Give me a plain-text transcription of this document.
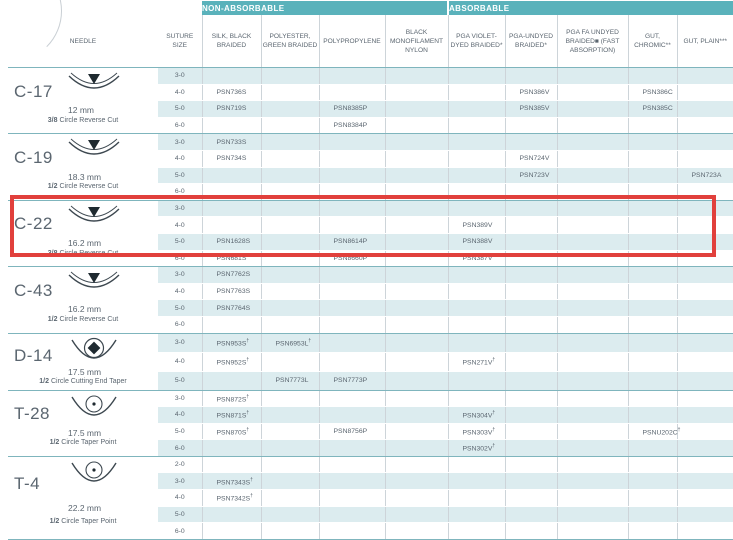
		NON-ABSORBABLE				ABSORBABLE				
NEEDLE	SUTURE SIZE	SILK, BLACK BRAIDED	POLYESTER, GREEN BRAIDED	POLYPROPYLENE	BLACK MONOFILAMENT NYLON	PGA VIOLET-DYED BRAIDED*	PGA-UNDYED BRAIDED*	PGA FA UNDYED BRAIDED■ (FAST ABSORPTION)	GUT, CHROMIC**	GUT, PLAIN***

C-17
12 mm
3/8 Circle Reverse Cut	3-0									
	4-0	PSN736S					PSN386V		PSN386C	
	5-0	PSN719S		PSN8385P			PSN385V		PSN385C	
	6-0			PSN8384P						

C-19
18.3 mm
1/2 Circle Reverse Cut	3-0	PSN733S								
	4-0	PSN734S					PSN724V			
	5-0						PSN723V			PSN723A
	6-0									

C-22
16.2 mm
3/8 Circle Reverse Cut	3-0									
	4-0					PSN389V				
	5-0	PSN1628S		PSN8614P		PSN388V				
	6-0	PSN681S		PSN8660P		PSN387V				

C-43
16.2 mm
1/2 Circle Reverse Cut	3-0	PSN7762S								
	4-0	PSN7763S								
	5-0	PSN7764S								
	6-0									

D-14
17.5 mm
1/2 Circle Cutting End Taper	3-0	PSN953S†	PSN6953L†							
	4-0	PSN952S†				PSN271V†				
	5-0		PSN7773L	PSN7773P						

T-28
17.5 mm
1/2 Circle Taper Point	3-0	PSN872S†								
	4-0	PSN871S†				PSN304V†				
	5-0	PSN870S†		PSN8756P		PSN303V†			PSNU202C†	
	6-0					PSN302V†				

T-4
22.2 mm
1/2 Circle Taper Point	2-0									
	3-0	PSN7343S†								
	4-0	PSN7342S†								
	5-0									
	6-0									
